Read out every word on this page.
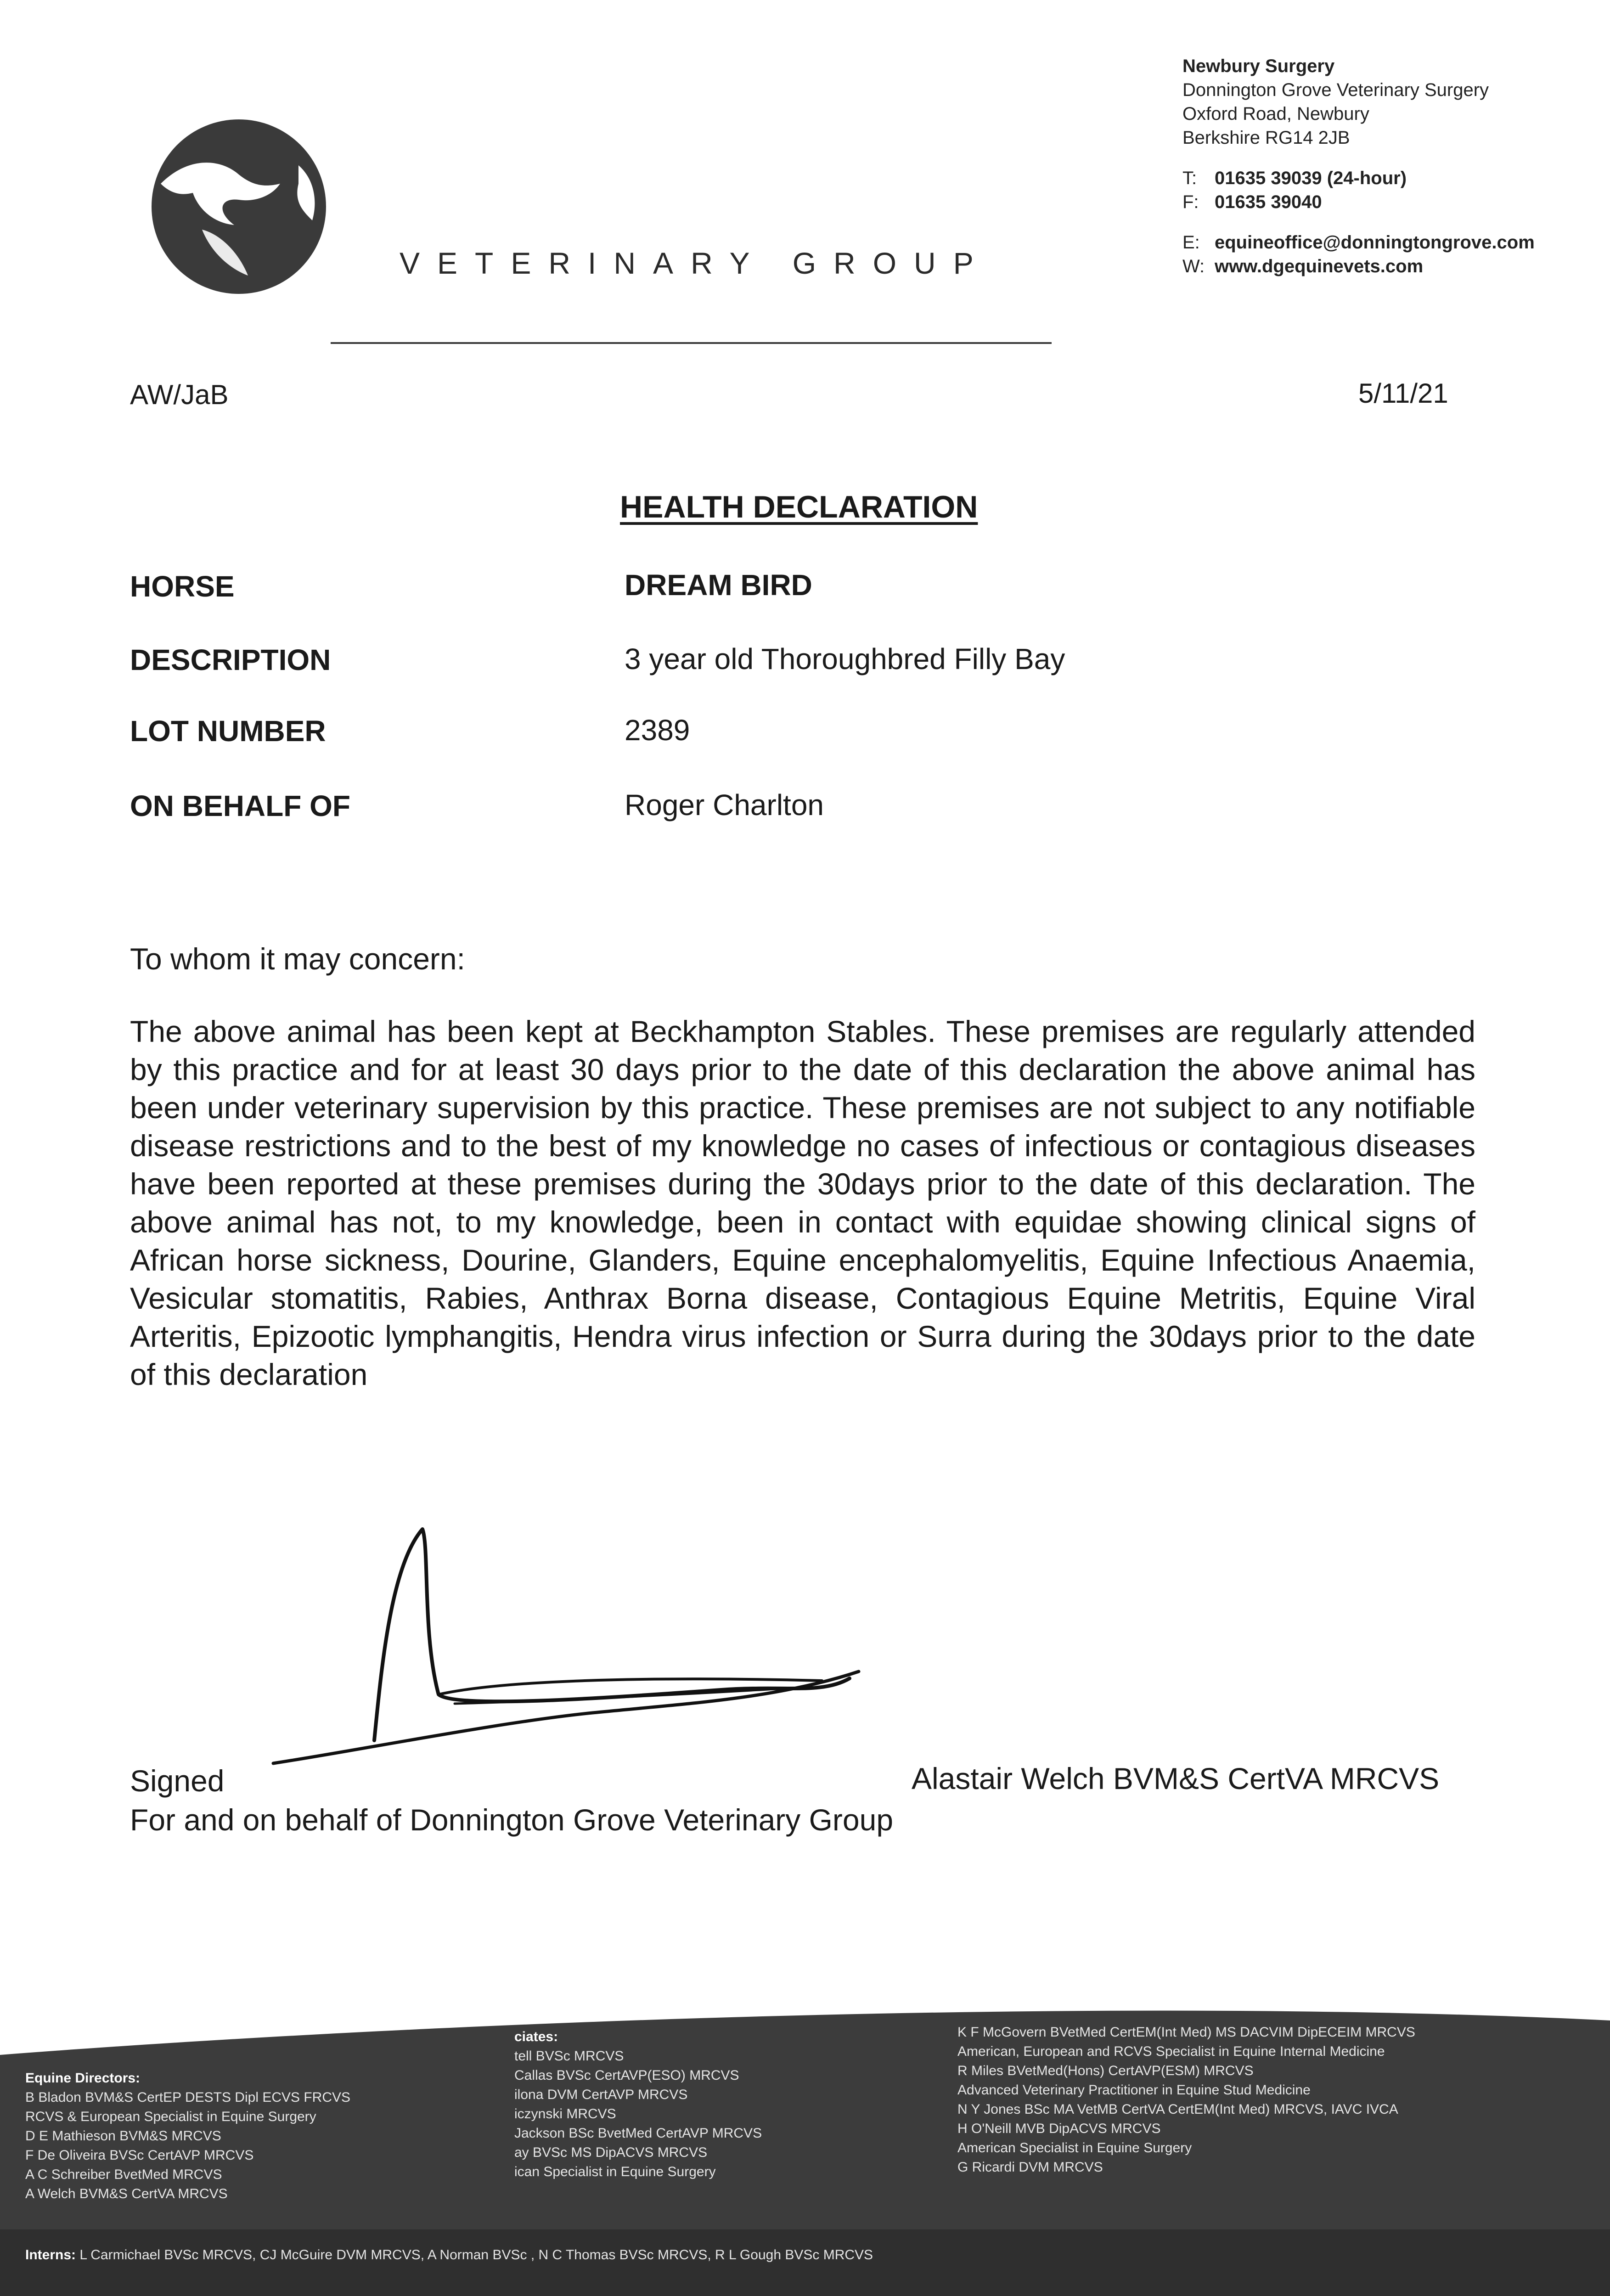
VETERINARY GROUP
Newbury Surgery
Donnington Grove Veterinary Surgery
Oxford Road, Newbury
Berkshire RG14 2JB
T: 01635 39039 (24-hour)
F: 01635 39040
E: equineoffice@donningtongrove.com
W: www.dgequinevets.com
AW/JaB	5/11/21
HEALTH DECLARATION
HORSE	DREAM BIRD
DESCRIPTION	3 year old Thoroughbred Filly Bay
LOT NUMBER	2389
ON BEHALF OF	Roger Charlton
To whom it may concern:
The above animal has been kept at Beckhampton Stables. These premises are regularly attended by this practice and for at least 30 days prior to the date of this declaration the above animal has been under veterinary supervision by this practice. These premises are not subject to any notifiable disease restrictions and to the best of my knowledge no cases of infectious or contagious diseases have been reported at these premises during the 30days prior to the date of this declaration. The above animal has not, to my knowledge, been in contact with equidae showing clinical signs of African horse sickness, Dourine, Glanders, Equine encephalomyelitis, Equine Infectious Anaemia, Vesicular stomatitis, Rabies, Anthrax Borna disease, Contagious Equine Metritis, Equine Viral Arteritis, Epizootic lymphangitis, Hendra virus infection or Surra during the 30days prior to the date of this declaration
Signed	Alastair Welch BVM&S CertVA MRCVS
For and on behalf of Donnington Grove Veterinary Group
Equine Directors:
B Bladon BVM&S CertEP DESTS Dipl ECVS FRCVS
RCVS & European Specialist in Equine Surgery
D E Mathieson BVM&S MRCVS
F De Oliveira BVSc CertAVP MRCVS
A C Schreiber BvetMed MRCVS
A Welch BVM&S CertVA MRCVS
ciates:
tell BVSc MRCVS
Callas BVSc CertAVP(ESO) MRCVS
ilona DVM CertAVP MRCVS
iczynski MRCVS
Jackson BSc BvetMed CertAVP MRCVS
ay BVSc MS DipACVS MRCVS
ican Specialist in Equine Surgery
K F McGovern BVetMed CertEM(Int Med) MS DACVIM DipECEIM MRCVS
American, European and RCVS Specialist in Equine Internal Medicine
R Miles BVetMed(Hons) CertAVP(ESM) MRCVS
Advanced Veterinary Practitioner in Equine Stud Medicine
N Y Jones BSc MA VetMB CertVA CertEM(Int Med) MRCVS, IAVC IVCA
H O'Neill MVB DipACVS MRCVS
American Specialist in Equine Surgery
G Ricardi DVM MRCVS
Interns: L Carmichael BVSc MRCVS, CJ McGuire DVM MRCVS, A Norman BVSc , N C Thomas BVSc MRCVS, R L Gough BVSc MRCVS
